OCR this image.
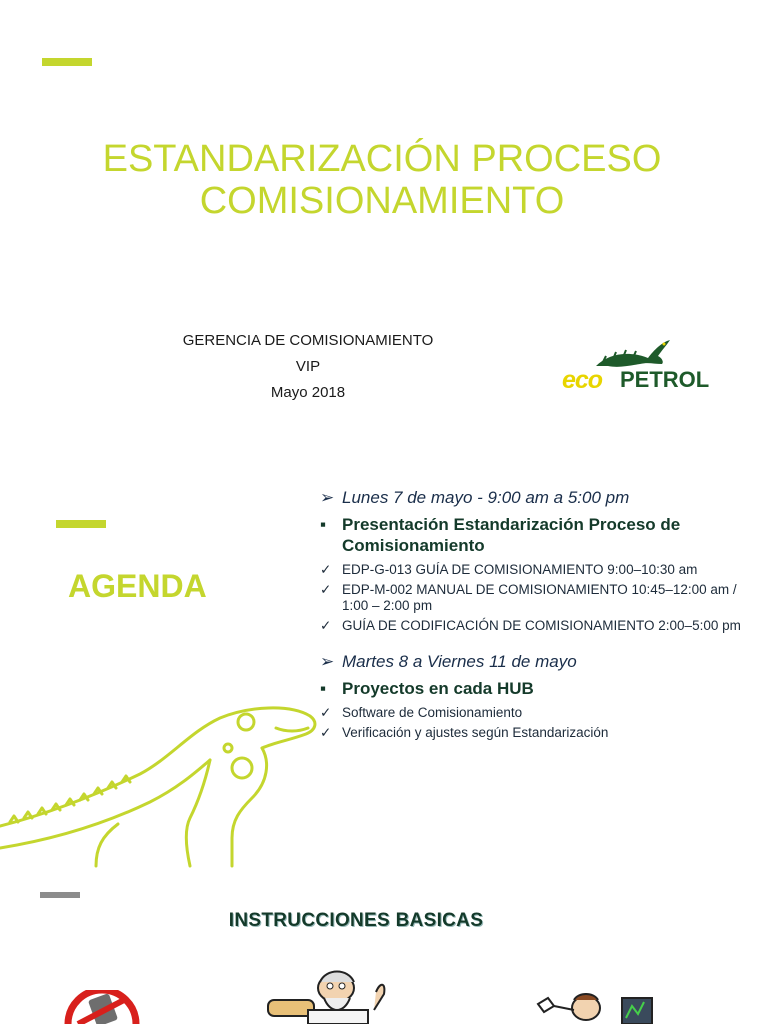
ESTANDARIZACIÓN PROCESO COMISIONAMIENTO
GERENCIA DE COMISIONAMIENTO
VIP
Mayo 2018	eco PETROL
AGENDA
➢ Lunes 7 de mayo - 9:00 am a 5:00 pm
▪ Presentación Estandarización Proceso de Comisionamiento
✓ EDP-G-013 GUÍA DE COMISIONAMIENTO 9:00–10:30 am
✓ EDP-M-002 MANUAL DE COMISIONAMIENTO 10:45–12:00 am / 1:00 – 2:00 pm
✓ GUÍA DE CODIFICACIÓN DE COMISIONAMIENTO 2:00–5:00 pm
➢ Martes 8 a Viernes 11 de mayo
▪ Proyectos en cada HUB
✓ Software de Comisionamiento
✓ Verificación y ajustes según Estandarización
INSTRUCCIONES BASICAS
